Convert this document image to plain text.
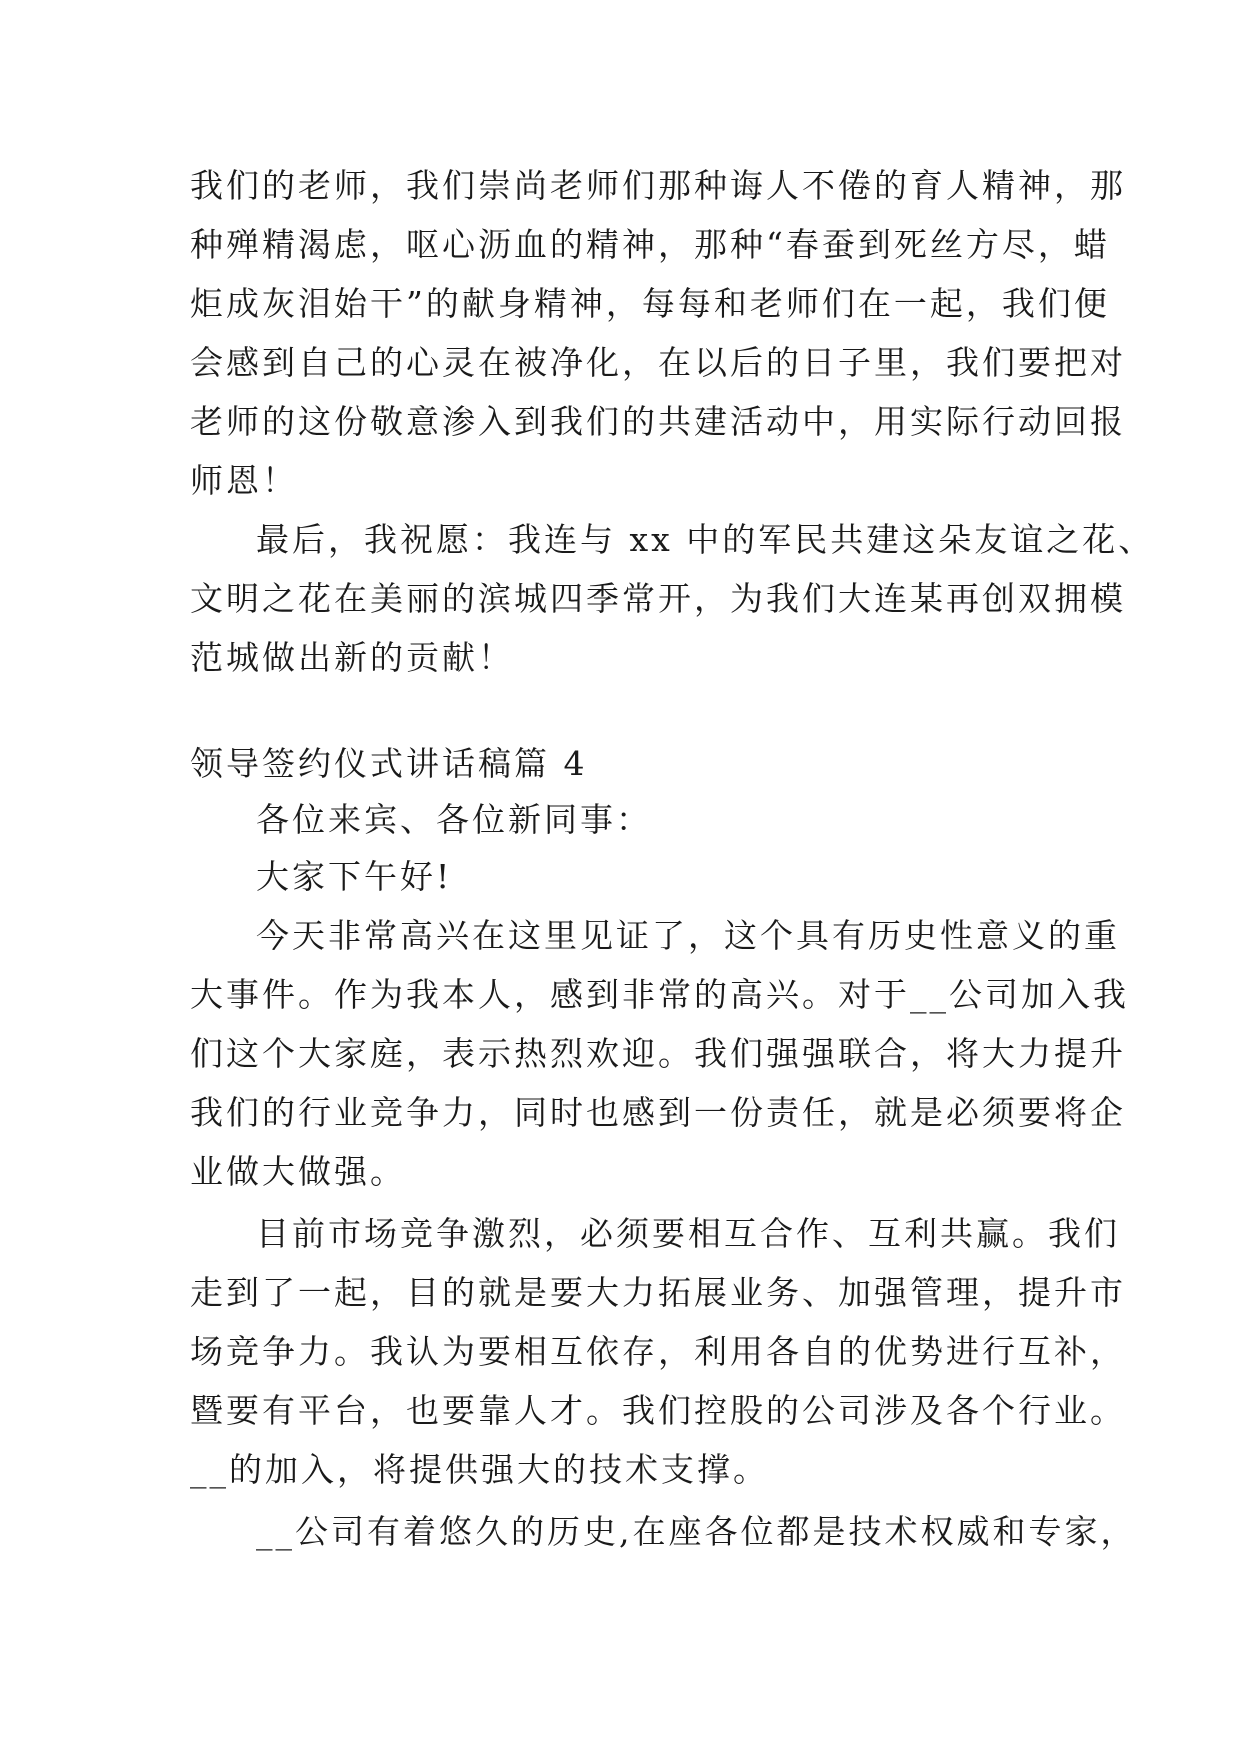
我们的老师，我们崇尚老师们那种诲人不倦的育人精神，那
种殚精渴虑，呕心沥血的精神，那种“春蚕到死丝方尽，蜡
炬成灰泪始干”的献身精神，每每和老师们在一起，我们便
会感到自己的心灵在被净化，在以后的日子里，我们要把对
老师的这份敬意渗入到我们的共建活动中，用实际行动回报
师恩！
最后，我祝愿：我连与 xx 中的军民共建这朵友谊之花、
文明之花在美丽的滨城四季常开，为我们大连某再创双拥模
范城做出新的贡献！
领导签约仪式讲话稿篇 4
各位来宾、各位新同事：
大家下午好!
今天非常高兴在这里见证了，这个具有历史性意义的重
大事件。作为我本人，感到非常的高兴。对于__公司加入我
们这个大家庭，表示热烈欢迎。我们强强联合，将大力提升
我们的行业竞争力，同时也感到一份责任，就是必须要将企
业做大做强。
目前市场竞争激烈，必须要相互合作、互利共赢。我们
走到了一起，目的就是要大力拓展业务、加强管理，提升市
场竞争力。我认为要相互依存，利用各自的优势进行互补，
暨要有平台，也要靠人才。我们控股的公司涉及各个行业。
__的加入，将提供强大的技术支撑。
__公司有着悠久的历史,在座各位都是技术权威和专家，
